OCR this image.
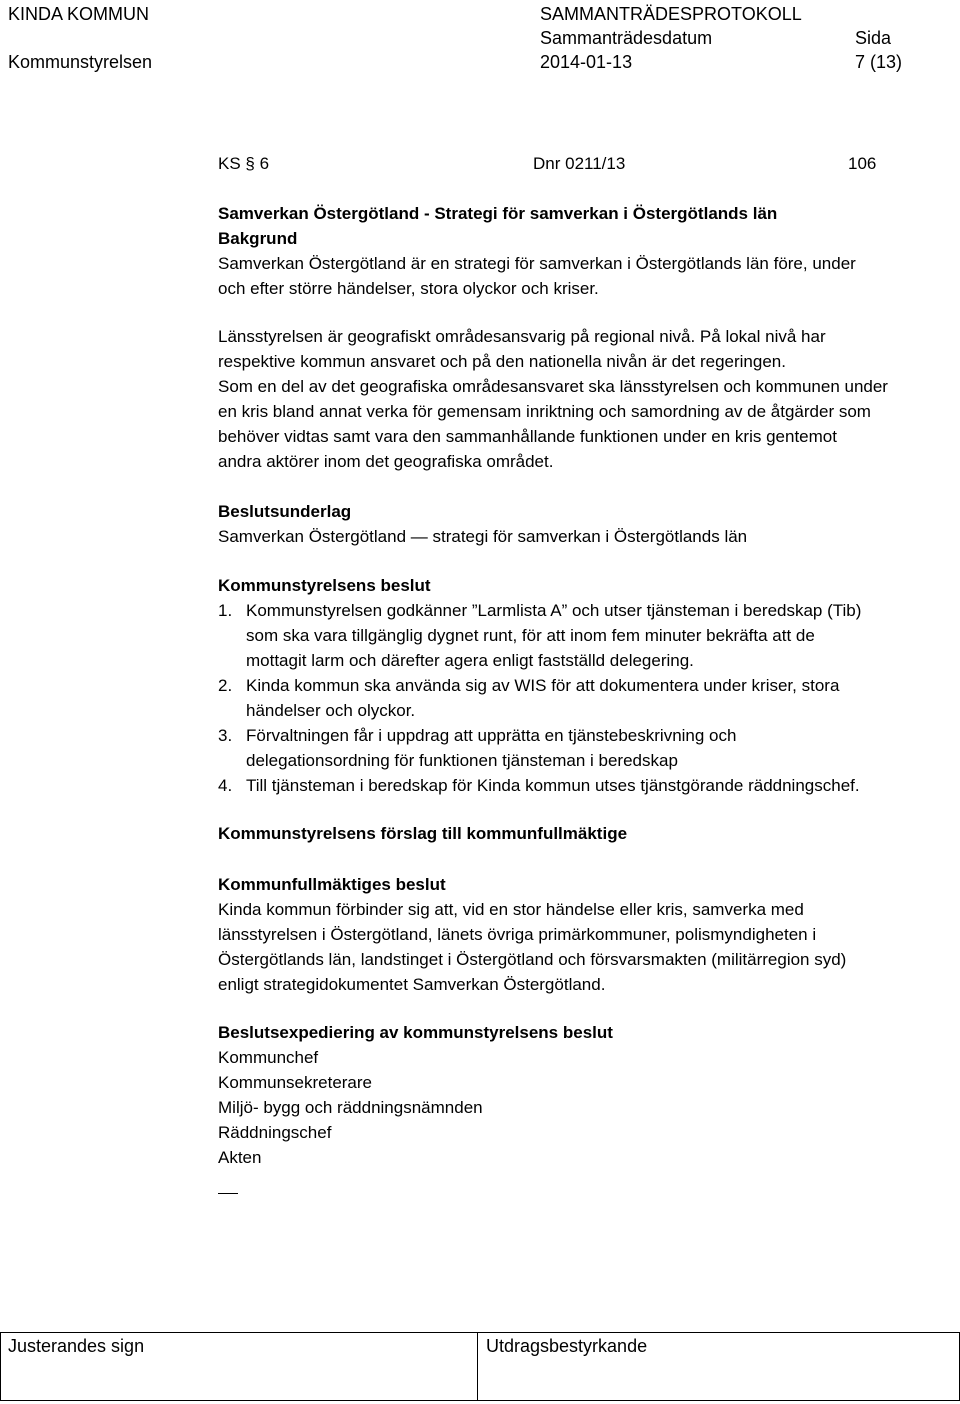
KINDA KOMMUN	SAMMANTRÄDESPROTOKOLL
Kommunstyrelsen
Sammanträdesdatum
2014-01-13
Sida
7 (13)
KS § 6	Dnr 0211/13	106
Samverkan Östergötland - Strategi för samverkan i Östergötlands län
Bakgrund
Samverkan Östergötland är en strategi för samverkan i Östergötlands län före, under
och efter större händelser, stora olyckor och kriser.
Länsstyrelsen är geografiskt områdesansvarig på regional nivå. På lokal nivå har
respektive kommun ansvaret och på den nationella nivån är det regeringen.
Som en del av det geografiska områdesansvaret ska länsstyrelsen och kommunen under
en kris bland annat verka för gemensam inriktning och samordning av de åtgärder som
behöver vidtas samt vara den sammanhållande funktionen under en kris gentemot
andra aktörer inom det geografiska området.
Beslutsunderlag
Samverkan Östergötland — strategi för samverkan i Östergötlands län
Kommunstyrelsens beslut
1. Kommunstyrelsen godkänner ”Larmlista A” och utser tjänsteman i beredskap (Tib)
som ska vara tillgänglig dygnet runt, för att inom fem minuter bekräfta att de
mottagit larm och därefter agera enligt fastställd delegering.
2. Kinda kommun ska använda sig av WIS för att dokumentera under kriser, stora
händelser och olyckor.
3. Förvaltningen får i uppdrag att upprätta en tjänstebeskrivning och
delegationsordning för funktionen tjänsteman i beredskap
4. Till tjänsteman i beredskap för Kinda kommun utses tjänstgörande räddningschef.
Kommunstyrelsens förslag till kommunfullmäktige
Kommunfullmäktiges beslut
Kinda kommun förbinder sig att, vid en stor händelse eller kris, samverka med
länsstyrelsen i Östergötland, länets övriga primärkommuner, polismyndigheten i
Östergötlands län, landstinget i Östergötland och försvarsmakten (militärregion syd)
enligt strategidokumentet Samverkan Östergötland.
Beslutsexpediering av kommunstyrelsens beslut
Kommunchef
Kommunsekreterare
Miljö- bygg och räddningsnämnden
Räddningschef
Akten
Justerandes sign	Utdragsbestyrkande
